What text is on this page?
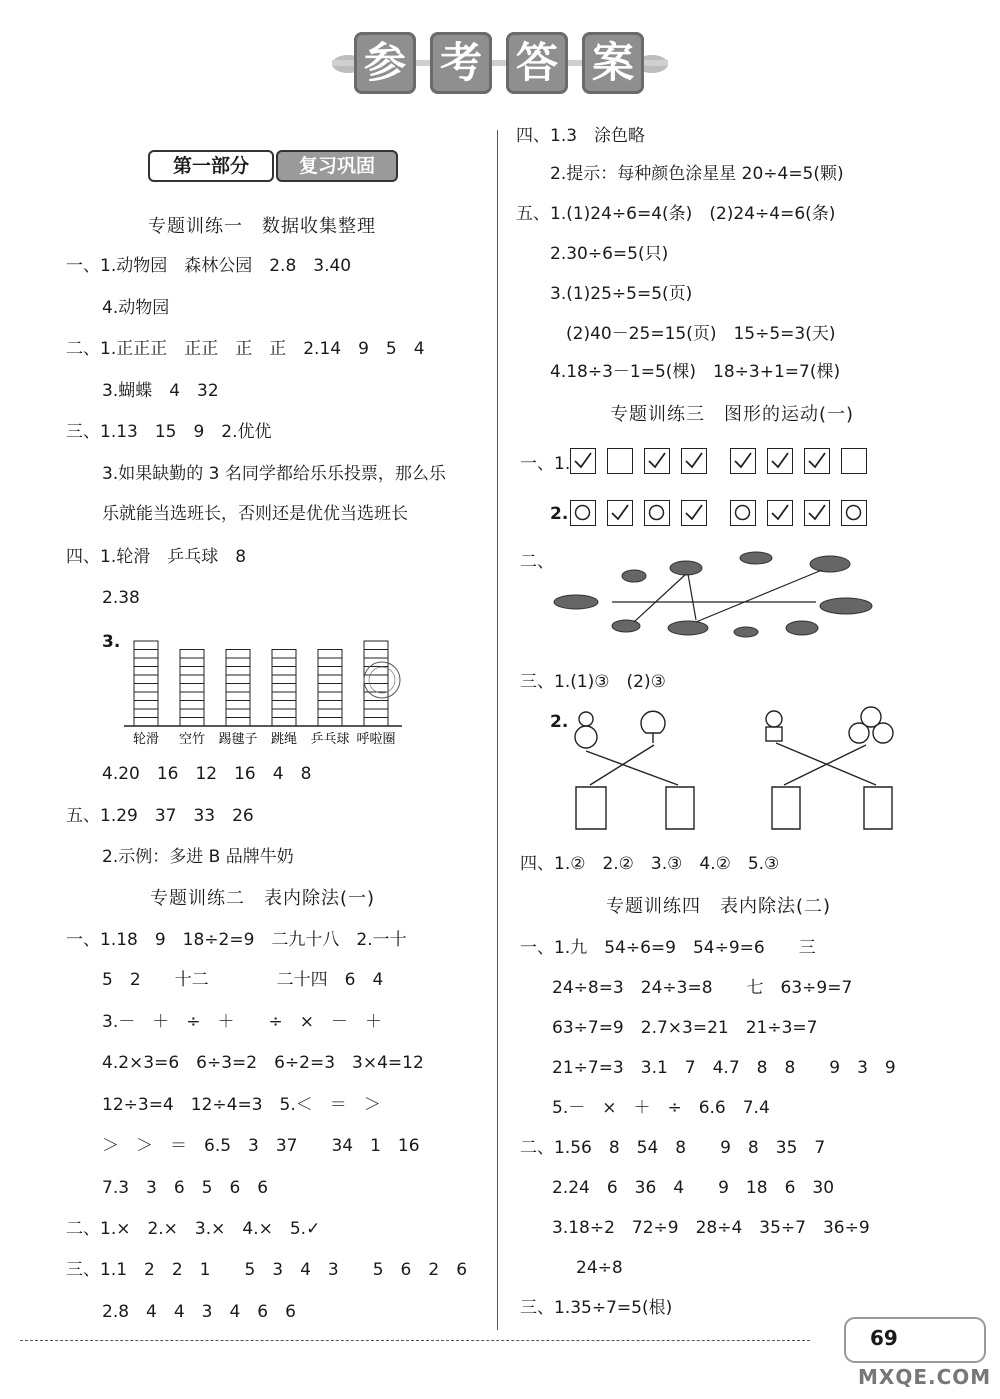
参 考 答 案
第一部分	复习巩固
专题训练一　数据收集整理
一、1.动物园　森林公园　2.8　3.40
4.动物园
二、1.正正正　正正　正　正　2.14　9　5　4
3.蝴蝶　4　32
三、1.13　15　9　2.优优
3.如果缺勤的 3 名同学都给乐乐投票，那么乐
乐就能当选班长，否则还是优优当选班长
四、1.轮滑　乒乓球　8
2.38
3.
轮滑 空竹 踢毽子 跳绳 乒乓球 呼啦圈
4.20　16　12　16　4　8
五、1.29　37　33　26
2.示例：多进 B 品牌牛奶
专题训练二　表内除法(一)
一、1.18　9　18÷2=9　二九十八　2.一十
5　2　　十二　　　　二十四　6　4
3.－　＋　÷　＋　　÷　×　－　＋
4.2×3=6　6÷3=2　6÷2=3　3×4=12
12÷3=4　12÷4=3　5.＜　＝　＞
＞　＞　＝　6.5　3　37　　34　1　16
7.3　3　6　5　6　6
二、1.×　2.×　3.×　4.×　5.✓
三、1.1　2　2　1　　5　3　4　3　　5　6　2　6
2.8　4　4　3　4　6　6
四、1.3　涂色略
2.提示：每种颜色涂星星 20÷4=5(颗)
五、1.(1)24÷6=4(条)　(2)24÷4=6(条)
2.30÷6=5(只)
3.(1)25÷5=5(页)
(2)40－25=15(页)　15÷5=3(天)
4.18÷3－1=5(棵)　18÷3+1=7(棵)
专题训练三　图形的运动(一)
一、1.
2.
二、
三、1.(1)③　(2)③
2.
四、1.②　2.②　3.③　4.②　5.③
专题训练四　表内除法(二)
一、1.九　54÷6=9　54÷9=6　　三
24÷8=3　24÷3=8　　七　63÷9=7
63÷7=9　2.7×3=21　21÷3=7
21÷7=3　3.1　7　4.7　8　8　　9　3　9
5.－　×　＋　÷　6.6　7.4
二、1.56　8　54　8　　9　8　35　7
2.24　6　36　4　　9　18　6　30
3.18÷2　72÷9　28÷4　35÷7　36÷9
24÷8
三、1.35÷7=5(根)
69
MXQE.COM
